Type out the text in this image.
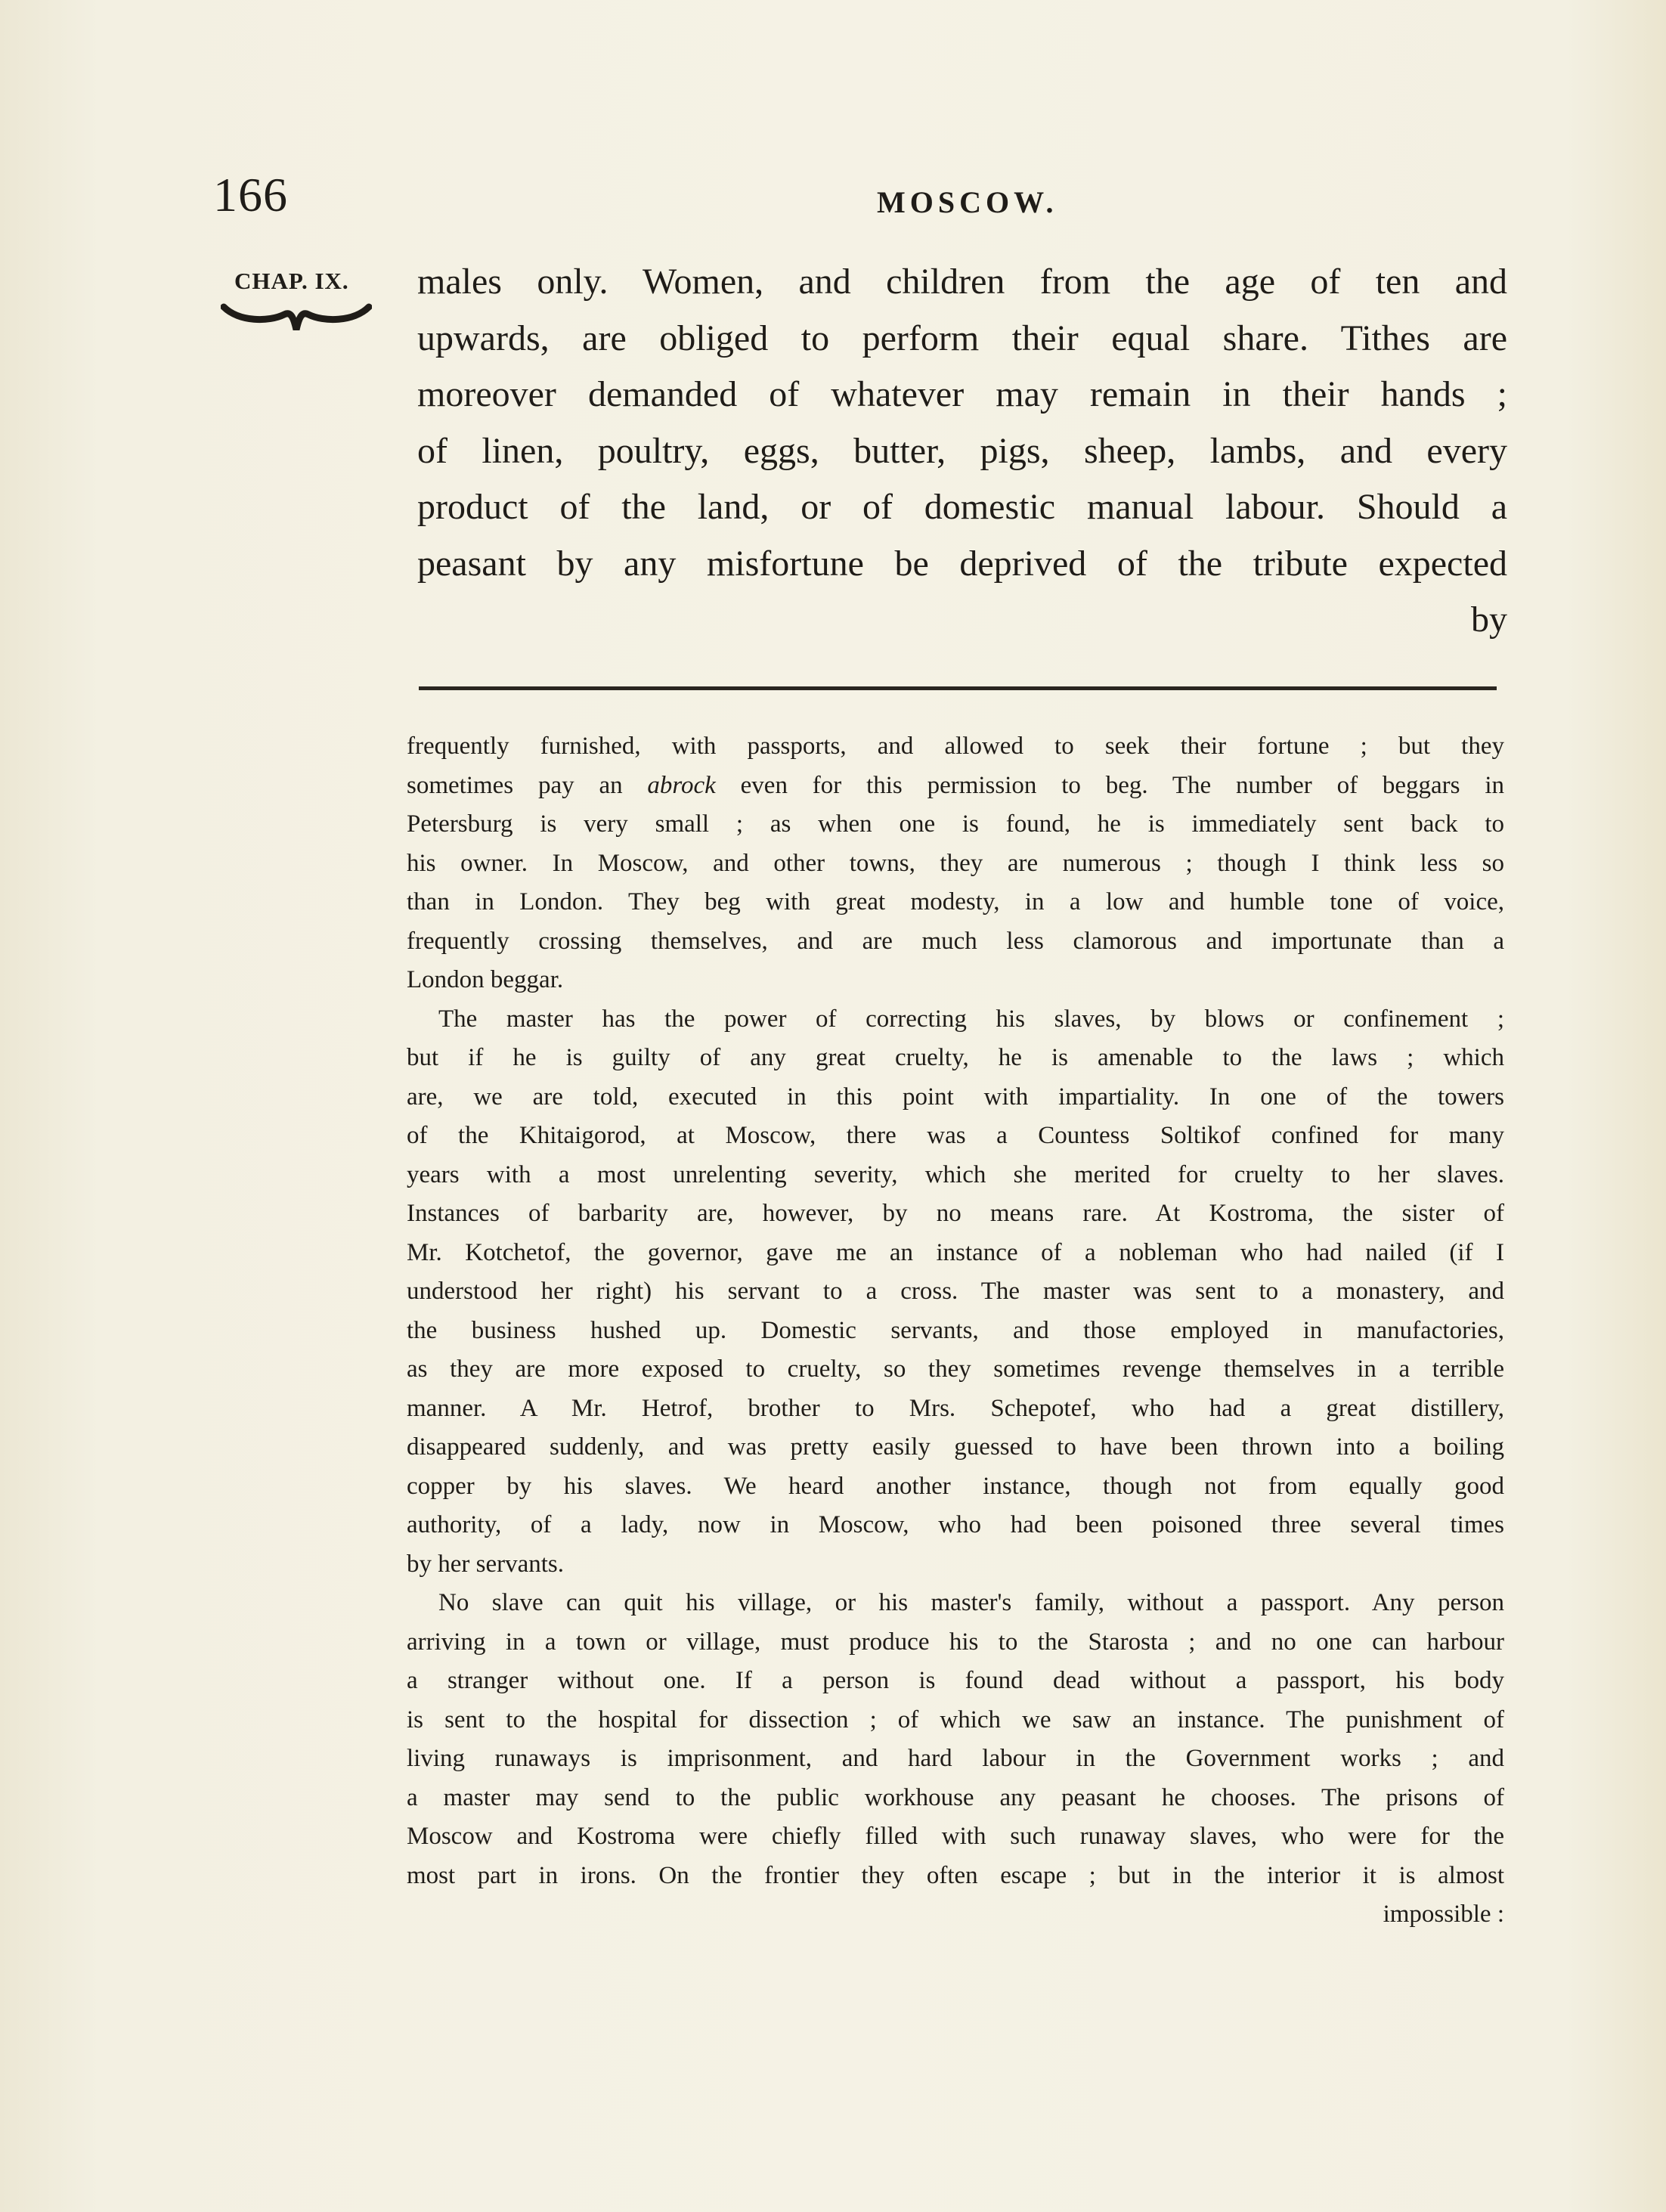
166	MOSCOW.
CHAP. IX. males only. Women, and children from the age of ten and
upwards, are obliged to perform their equal share. Tithes are
moreover demanded of whatever may remain in their hands ;
of linen, poultry, eggs, butter, pigs, sheep, lambs, and every
product of the land, or of domestic manual labour. Should a
peasant by any misfortune be deprived of the tribute expected
by
frequently furnished, with passports, and allowed to seek their fortune ; but they
sometimes pay an abrock even for this permission to beg. The number of beggars in
Petersburg is very small ; as when one is found, he is immediately sent back to
his owner. In Moscow, and other towns, they are numerous ; though I think less so
than in London. They beg with great modesty, in a low and humble tone of voice,
frequently crossing themselves, and are much less clamorous and importunate than a
London beggar.
The master has the power of correcting his slaves, by blows or confinement ;
but if he is guilty of any great cruelty, he is amenable to the laws ; which
are, we are told, executed in this point with impartiality. In one of the towers
of the Khitaigorod, at Moscow, there was a Countess Soltikof confined for many
years with a most unrelenting severity, which she merited for cruelty to her slaves.
Instances of barbarity are, however, by no means rare. At Kostroma, the sister of
Mr. Kotchetof, the governor, gave me an instance of a nobleman who had nailed (if I
understood her right) his servant to a cross. The master was sent to a monastery, and
the business hushed up. Domestic servants, and those employed in manufactories,
as they are more exposed to cruelty, so they sometimes revenge themselves in a terrible
manner. A Mr. Hetrof, brother to Mrs. Schepotef, who had a great distillery,
disappeared suddenly, and was pretty easily guessed to have been thrown into a boiling
copper by his slaves. We heard another instance, though not from equally good
authority, of a lady, now in Moscow, who had been poisoned three several times
by her servants.
No slave can quit his village, or his master's family, without a passport. Any person
arriving in a town or village, must produce his to the Starosta ; and no one can harbour
a stranger without one. If a person is found dead without a passport, his body
is sent to the hospital for dissection ; of which we saw an instance. The punishment of
living runaways is imprisonment, and hard labour in the Government works ; and
a master may send to the public workhouse any peasant he chooses. The prisons of
Moscow and Kostroma were chiefly filled with such runaway slaves, who were for the
most part in irons. On the frontier they often escape ; but in the interior it is almost
impossible :
